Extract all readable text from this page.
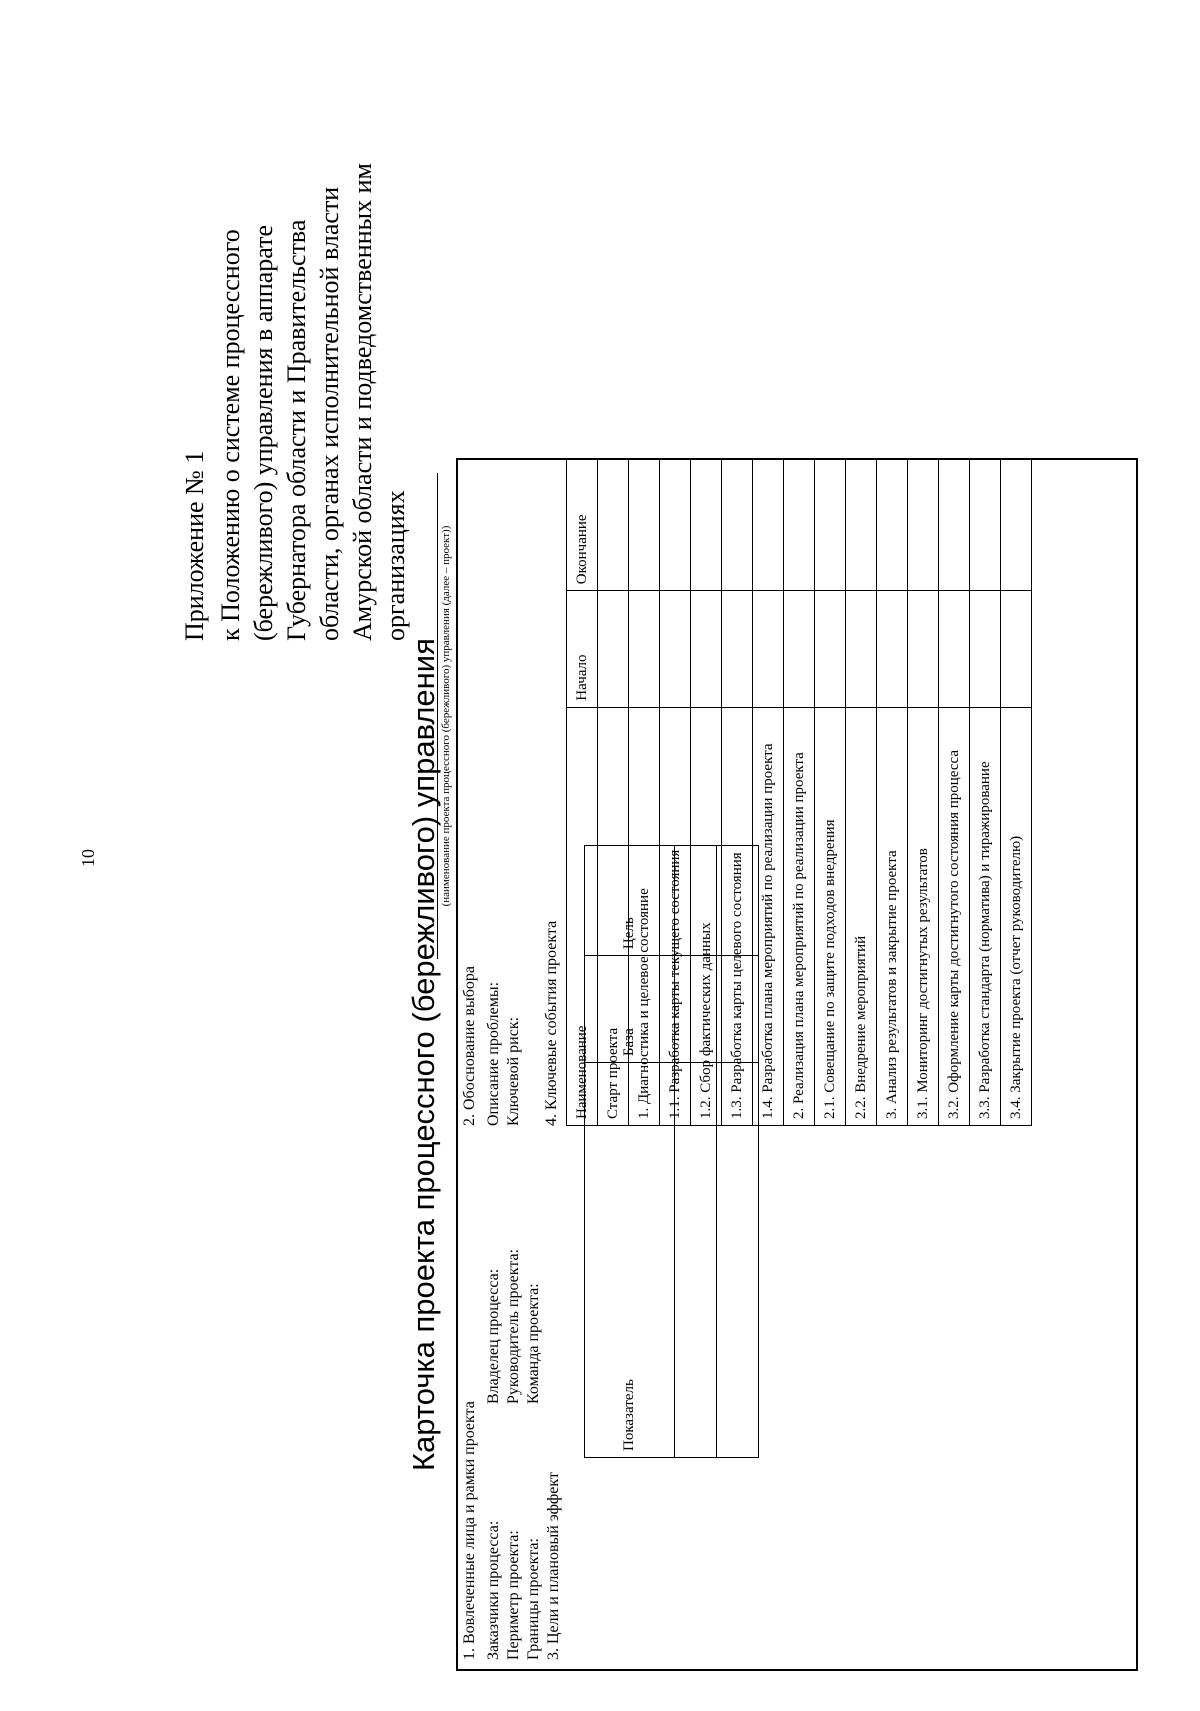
10
Приложение № 1 к Положению о системе процессного (бережливого) управления в аппарате Губернатора области и Правительства области, органах исполнительной власти Амурской области и подведомственных им организациях
Карточка проекта процессного (бережливого) управления (наименование проекта процессного (бережливого) управления (далее – проект))
1. Вовлеченные лица и рамки проекта Заказчики процесса: Периметр проекта: Границы проекта:
Владелец процесса: Руководитель проекта: Команда проекта:
2. Обоснование выбора Описание проблемы: Ключевой риск:
3. Цели и плановый эффект
Показатель	База	Цель

4. Ключевые события проекта Наименование	Начало	Окончание
Старт проекта		
1. Диагностика и целевое состояние		
1.1. Разработка карты текущего состояния		
1.2. Сбор фактических данных		
1.3. Разработка карты целевого состояния		
1.4. Разработка плана мероприятий по реализации проекта		
2. Реализация плана мероприятий по реализации проекта		
2.1. Совещание по защите подходов внедрения		
2.2. Внедрение мероприятий		
3. Анализ результатов и закрытие проекта		
3.1. Мониторинг достигнутых результатов		
3.2. Оформление карты достигнутого состояния процесса		
3.3. Разработка стандарта (норматива) и тиражирование		
3.4. Закрытие проекта (отчет руководителю)		
